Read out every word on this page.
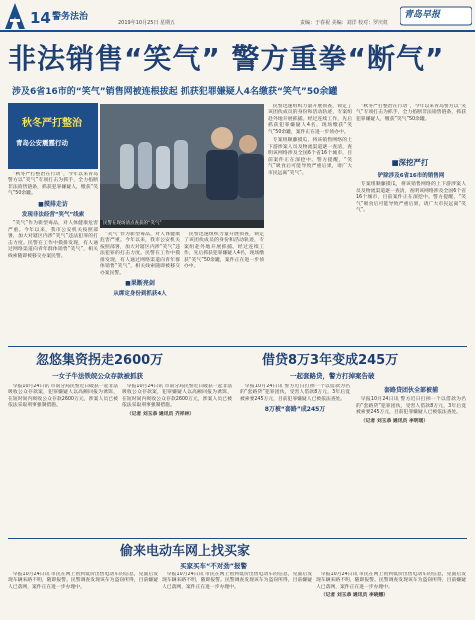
14 警务法治
2019年10月25日 星期五	责编：于春祝 美编：刘洋 校对：罗庆虹
青岛早报
非法销售“笑气” 警方重拳“断气”
涉及6省16市的“笑气”销售网被连根拔起 抓获犯罪嫌疑人4名缴获“笑气”50余罐
秋冬严打整治
青岛公安震霆行动

“秋冬严打整治在行动”，今年以来青岛警方以“笑气”专项打击为抓手，全力掐断非法销售链条，抓获犯罪嫌疑人，缴获“笑气”50余罐。

■摸排走访
发现非法经营“笑气”线索

“笑气”作为新型毒品，对人体健康危害严重。今年以来，我市公安机关按照部署，加大对辖区内涉“笑气”违法犯罪的打击力度。民警在工作中摸排发现，有人通过网络渠道向青年群体销售“笑气”，相关线索随即被移交办案民警。

民警在现场清点查获的“笑气”

“笑气”作为新型毒品，对人体健康危害严重。今年以来，我市公安机关按照部署，加大对辖区内涉“笑气”违法犯罪的打击力度。民警在工作中摸排发现，有人通过网络渠道向青年群体销售“笑气”，相关线索随即被移交办案民警。

■果断亮剑
从绑定身份到抓获4人

民警迅速组织力量开展侦查，锁定了该团伙成员的身份和活动轨迹，专案组赴外地开展抓捕。经过连续工作，先后抓获犯罪嫌疑人4名，现场缴获“笑气”50余罐，案件正在进一步侦办中。

民警迅速组织力量开展侦查，锁定了该团伙成员的身份和活动轨迹，专案组赴外地开展抓捕。经过连续工作，先后抓获犯罪嫌疑人4名，现场缴获“笑气”50余罐，案件正在进一步侦办中。

专案组顺藤摸瓜，将该销售网络的上下游涉案人员及物流渠道逐一查清，查明该网络涉及全国6个省16个城市，目前案件正在深挖中。警方提醒，“笑气”吸食后可能导致严重后果，请广大市民远离“笑气”。

“秋冬严打整治在行动”，今年以来青岛警方以“笑气”专项打击为抓手，全力掐断非法销售链条，抓获犯罪嫌疑人，缴获“笑气”50余罐。

■深挖严打
铲除涉及6省16市的销售网

专案组顺藤摸瓜，将该销售网络的上下游涉案人员及物流渠道逐一查清，查明该网络涉及全国6个省16个城市，目前案件正在深挖中。警方提醒，“笑气”吸食后可能导致严重后果，请广大市民远离“笑气”。

忽悠集资拐走2600万
一女子牛法铁皖公众存款被抓获

早报10月24日讯 市南分局民警近日破获一起非法吸收公众存款案，犯罪嫌疑人以高额回报为诱饵，在短时间内吸收公众存款2600万元，涉案人员已被依法采取刑事强制措施。

早报10月24日讯 市南分局民警近日破获一起非法吸收公众存款案，犯罪嫌疑人以高额回报为诱饵，在短时间内吸收公众存款2600万元，涉案人员已被依法采取刑事强制措施。

（记者 刘玉恭 通讯员 齐祥林）

借贷8万3年变成245万
一起套路贷，警方打掉案告破

早报10月24日讯 警方近日打掉一个以借款为名的“套路贷”犯罪团伙，受害人借款8万元，3年后竟被索要245万元，目前犯罪嫌疑人已被依法查处。

8万被“套路”成245万
套路贷团伙全部被捕

早报10月24日讯 警方近日打掉一个以借款为名的“套路贷”犯罪团伙，受害人借款8万元，3年后竟被索要245万元，目前犯罪嫌疑人已被依法查处。

（记者 刘玉恭 通讯员 李明瑶）

偷来电动车网上找买家
买家买车“不对劲”报警

早报10月24日讯 市民在网上看到低价出售电动车的信息，见面后发现车辆来路不明，随即报警。民警调查发现该车为盗窃所得，目前嫌疑人已落网，案件正在进一步办理中。

早报10月24日讯 市民在网上看到低价出售电动车的信息，见面后发现车辆来路不明，随即报警。民警调查发现该车为盗窃所得，目前嫌疑人已落网，案件正在进一步办理中。

早报10月24日讯 市民在网上看到低价出售电动车的信息，见面后发现车辆来路不明，随即报警。民警调查发现该车为盗窃所得，目前嫌疑人已落网，案件正在进一步办理中。

（记者 刘玉恭 通讯员 李晓娜）
